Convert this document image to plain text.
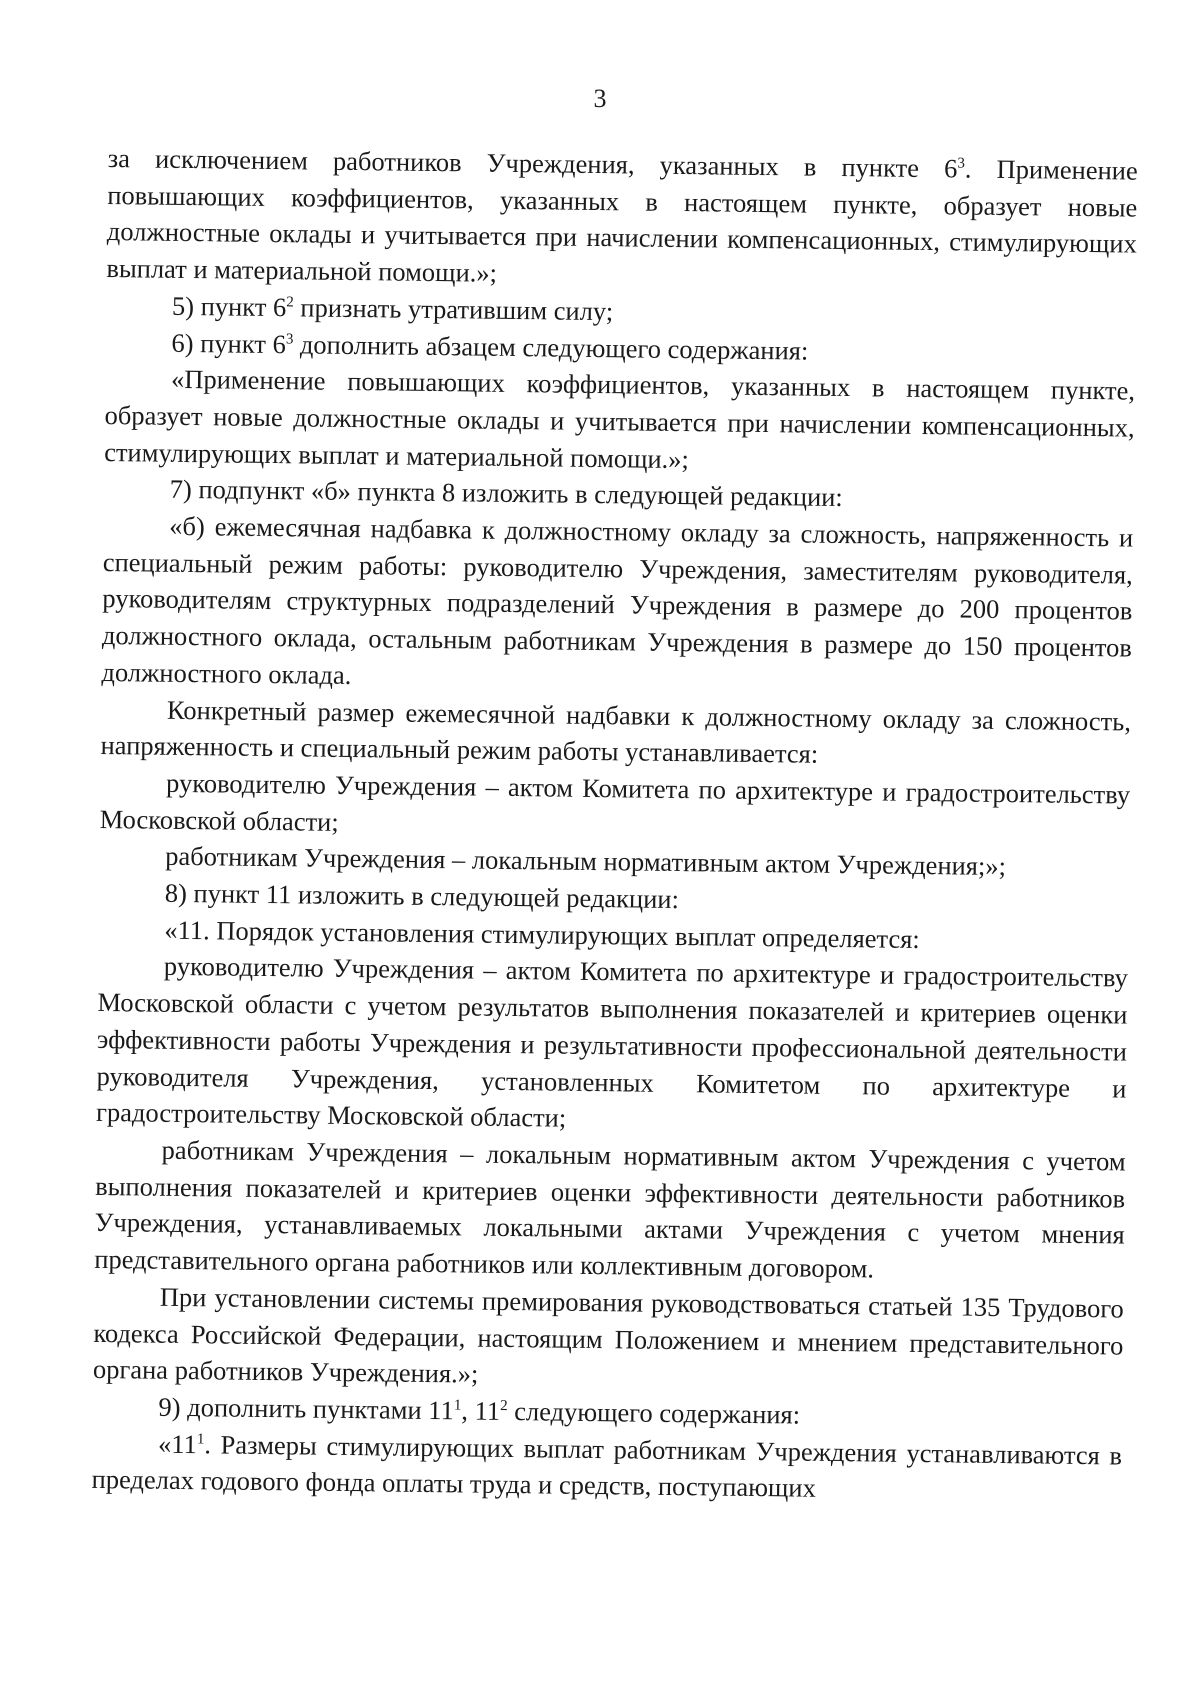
3

за исключением работников Учреждения, указанных в пункте $6^3$. Применение повышающих коэффициентов, указанных в настоящем пункте, образует новые должностные оклады и учитывается при начислении компенсационных, стимулирующих выплат и материальной помощи.»;

5) пункт $6^2$ признать утратившим силу;

6) пункт $6^3$ дополнить абзацем следующего содержания:

«Применение повышающих коэффициентов, указанных в настоящем пункте, образует новые должностные оклады и учитывается при начислении компенсационных, стимулирующих выплат и материальной помощи.»;

7) подпункт «б» пункта 8 изложить в следующей редакции:

«б) ежемесячная надбавка к должностному окладу за сложность, напряженность и специальный режим работы: руководителю Учреждения, заместителям руководителя, руководителям структурных подразделений Учреждения в размере до 200 процентов должностного оклада, остальным работникам Учреждения в размере до 150 процентов должностного оклада.

Конкретный размер ежемесячной надбавки к должностному окладу за сложность, напряженность и специальный режим работы устанавливается:

руководителю Учреждения – актом Комитета по архитектуре и градостроительству Московской области;

работникам Учреждения – локальным нормативным актом Учреждения;»;

8) пункт 11 изложить в следующей редакции:

«11. Порядок установления стимулирующих выплат определяется:

руководителю Учреждения – актом Комитета по архитектуре и градостроительству Московской области с учетом результатов выполнения показателей и критериев оценки эффективности работы Учреждения и результативности профессиональной деятельности руководителя Учреждения, установленных Комитетом по архитектуре и градостроительству Московской области;

работникам Учреждения – локальным нормативным актом Учреждения с учетом выполнения показателей и критериев оценки эффективности деятельности работников Учреждения, устанавливаемых локальными актами Учреждения с учетом мнения представительного органа работников или коллективным договором.

При установлении системы премирования руководствоваться статьей 135 Трудового кодекса Российской Федерации, настоящим Положением и мнением представительного органа работников Учреждения.»;

9) дополнить пунктами $11^1$, $11^2$ следующего содержания:

«$11^1$. Размеры стимулирующих выплат работникам Учреждения устанавливаются в пределах годового фонда оплаты труда и средств, поступающих
